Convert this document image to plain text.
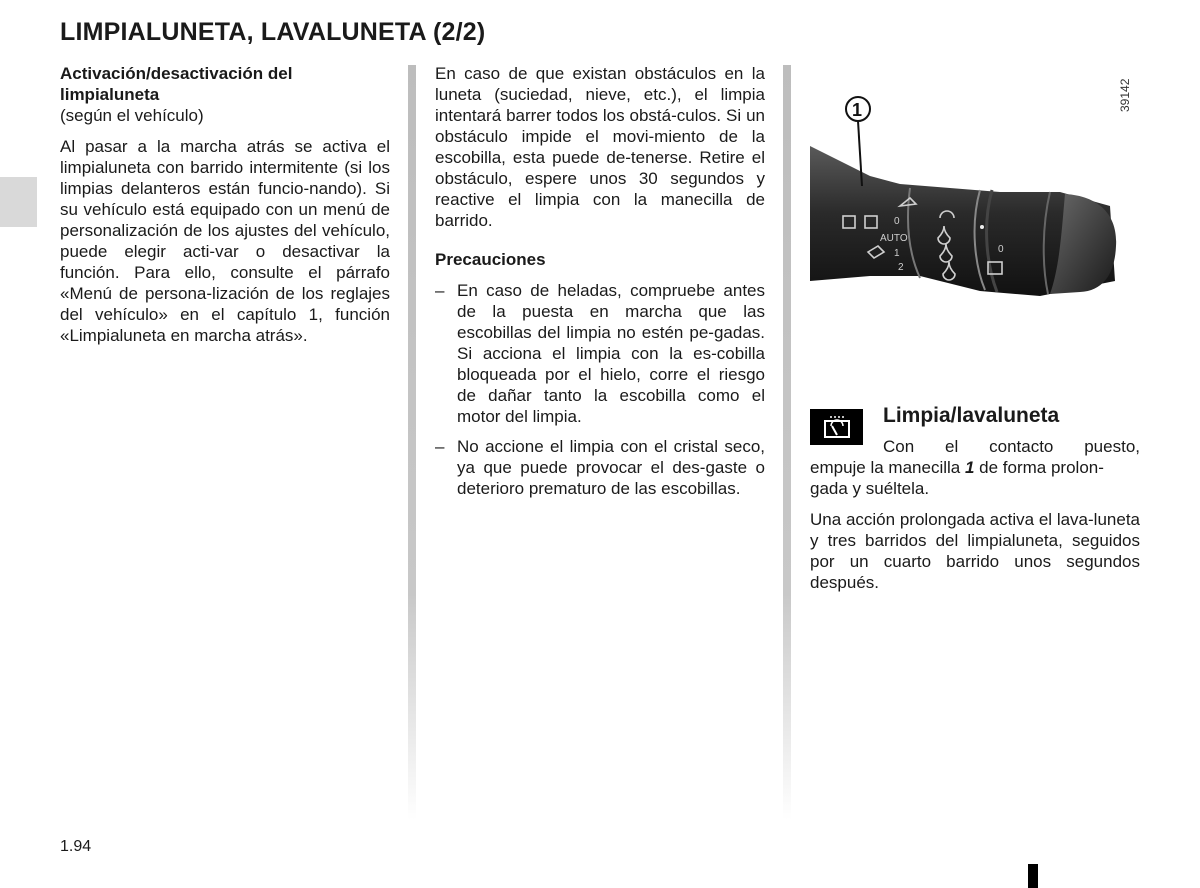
LIMPIALUNETA, LAVALUNETA (2/2)

Activación/desactivación del

limpialuneta

(según el vehículo)

Al pasar a la marcha atrás se activa el limpialuneta con barrido intermitente (si los limpias delanteros están funcio-nando). Si su vehículo está equipado con un menú de personalización de los ajustes del vehículo, puede elegir acti-var o desactivar la función. Para ello, consulte el párrafo «Menú de persona-lización de los reglajes del vehículo» en el capítulo 1, función «Limpialuneta en marcha atrás».

En caso de que existan obstáculos en la luneta (suciedad, nieve, etc.), el limpia intentará barrer todos los obstá-culos. Si un obstáculo impide el movi-miento de la escobilla, esta puede de-tenerse. Retire el obstáculo, espere unos 30 segundos y reactive el limpia con la manecilla de barrido.

Precauciones

– En caso de heladas, compruebe antes de la puesta en marcha que las escobillas del limpia no estén pe-gadas. Si acciona el limpia con la es-cobilla bloqueada por el hielo, corre el riesgo de dañar tanto la escobilla como el motor del limpia.
– No accione el limpia con el cristal seco, ya que puede provocar el des-gaste o deterioro prematuro de las escobillas.
0
AUTO
1
2
0
1	39142
Limpia/lavaluneta

Con el contacto puesto,

empuje la manecilla 1 de forma prolon-gada y suéltela.

Una acción prolongada activa el lava-luneta y tres barridos del limpialuneta, seguidos por un cuarto barrido unos segundos después.

1.94
